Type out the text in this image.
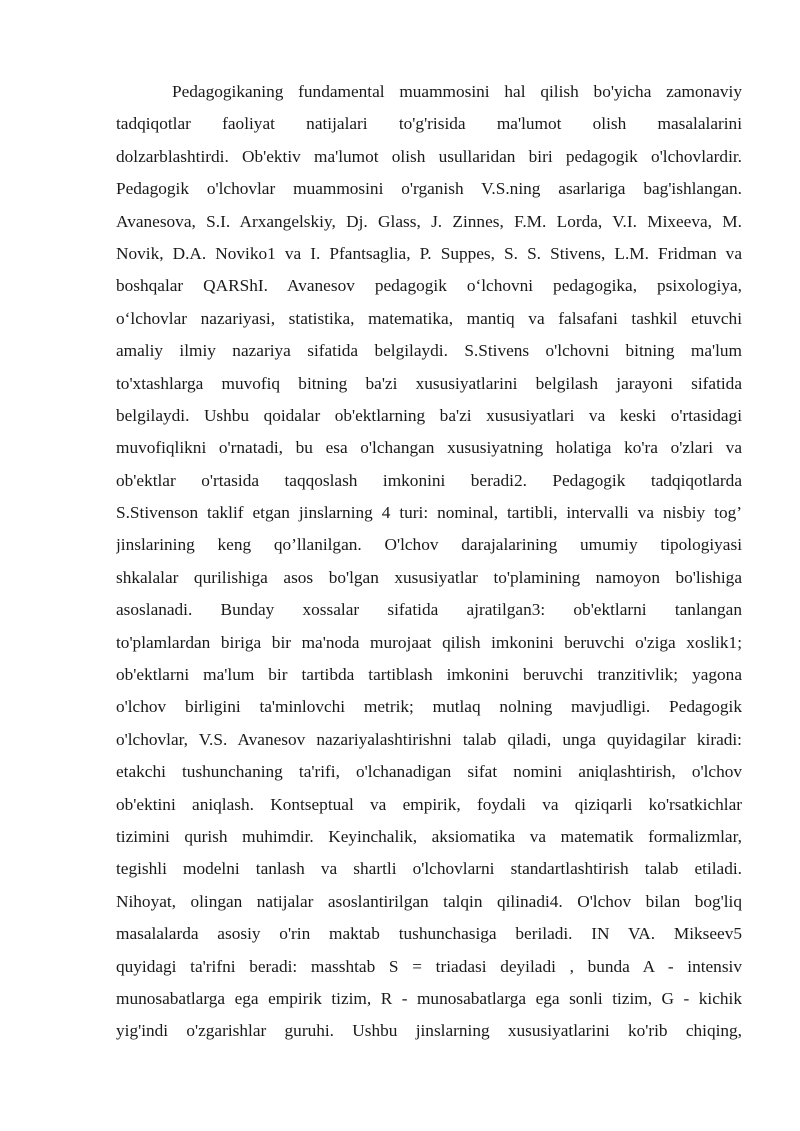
Pedagogikaning fundamental muammosini hal qilish bo'yicha zamonaviy
tadqiqotlar faoliyat natijalari to'g'risida ma'lumot olish masalalarini
dolzarblashtirdi. Ob'ektiv ma'lumot olish usullaridan biri pedagogik o'lchovlardir.
Pedagogik o'lchovlar muammosini o'rganish V.S.ning asarlariga bag'ishlangan.
Avanesova, S.I. Arxangelskiy, Dj. Glass, J. Zinnes, F.M. Lorda, V.I. Mixeeva, M.
Novik, D.A. Noviko1 va I. Pfantsaglia, P. Suppes, S. S. Stivens, L.M. Fridman va
boshqalar QARShI. Avanesov pedagogik o‘lchovni pedagogika, psixologiya,
o‘lchovlar nazariyasi, statistika, matematika, mantiq va falsafani tashkil etuvchi
amaliy ilmiy nazariya sifatida belgilaydi. S.Stivens o'lchovni bitning ma'lum
to'xtashlarga muvofiq bitning ba'zi xususiyatlarini belgilash jarayoni sifatida
belgilaydi. Ushbu qoidalar ob'ektlarning ba'zi xususiyatlari va keski o'rtasidagi
muvofiqlikni o'rnatadi, bu esa o'lchangan xususiyatning holatiga ko'ra o'zlari va
ob'ektlar o'rtasida taqqoslash imkonini beradi2. Pedagogik tadqiqotlarda
S.Stivenson taklif etgan jinslarning 4 turi: nominal, tartibli, intervalli va nisbiy tog’
jinslarining keng qo’llanilgan. O'lchov darajalarining umumiy tipologiyasi
shkalalar qurilishiga asos bo'lgan xususiyatlar to'plamining namoyon bo'lishiga
asoslanadi. Bunday xossalar sifatida ajratilgan3: ob'ektlarni tanlangan
to'plamlardan biriga bir ma'noda murojaat qilish imkonini beruvchi o'ziga xoslik1;
ob'ektlarni ma'lum bir tartibda tartiblash imkonini beruvchi tranzitivlik; yagona
o'lchov birligini ta'minlovchi metrik; mutlaq nolning mavjudligi. Pedagogik
o'lchovlar, V.S. Avanesov nazariyalashtirishni talab qiladi, unga quyidagilar kiradi:
etakchi tushunchaning ta'rifi, o'lchanadigan sifat nomini aniqlashtirish, o'lchov
ob'ektini aniqlash. Kontseptual va empirik, foydali va qiziqarli ko'rsatkichlar
tizimini qurish muhimdir. Keyinchalik, aksiomatika va matematik formalizmlar,
tegishli modelni tanlash va shartli o'lchovlarni standartlashtirish talab etiladi.
Nihoyat, olingan natijalar asoslantirilgan talqin qilinadi4. O'lchov bilan bog'liq
masalalarda asosiy o'rin maktab tushunchasiga beriladi. IN VA. Mikseev5
quyidagi ta'rifni beradi: masshtab S = triadasi deyiladi , bunda A - intensiv
munosabatlarga ega empirik tizim, R - munosabatlarga ega sonli tizim, G - kichik
yig'indi o'zgarishlar guruhi. Ushbu jinslarning xususiyatlarini ko'rib chiqing,
